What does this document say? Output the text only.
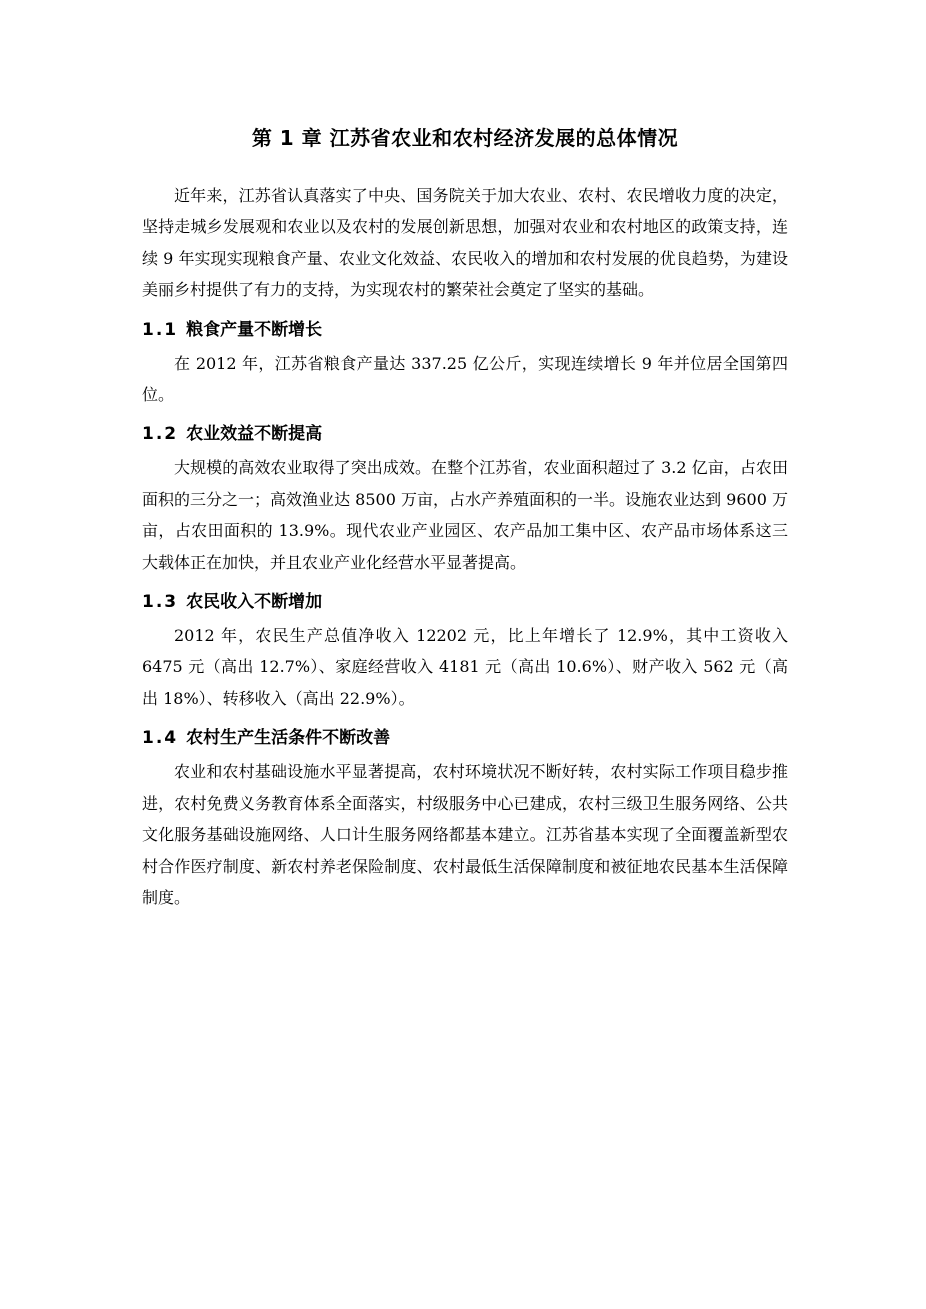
第 1 章 江苏省农业和农村经济发展的总体情况

近年来，江苏省认真落实了中央、国务院关于加大农业、农村、农民增收力度的决定，坚持走城乡发展观和农业以及农村的发展创新思想，加强对农业和农村地区的政策支持，连续 9 年实现实现粮食产量、农业文化效益、农民收入的增加和农村发展的优良趋势，为建设美丽乡村提供了有力的支持，为实现农村的繁荣社会奠定了坚实的基础。

1.1 粮食产量不断增长

在 2012 年，江苏省粮食产量达 337.25 亿公斤，实现连续增长 9 年并位居全国第四位。

1.2 农业效益不断提高

大规模的高效农业取得了突出成效。在整个江苏省，农业面积超过了 3.2 亿亩，占农田面积的三分之一；高效渔业达 8500 万亩，占水产养殖面积的一半。设施农业达到 9600 万亩，占农田面积的 13.9%。现代农业产业园区、农产品加工集中区、农产品市场体系这三大载体正在加快，并且农业产业化经营水平显著提高。

1.3 农民收入不断增加

2012 年，农民生产总值净收入 12202 元，比上年增长了 12.9%，其中工资收入 6475 元（高出 12.7%）、家庭经营收入 4181 元（高出 10.6%）、财产收入 562 元（高出 18%）、转移收入（高出 22.9%）。

1.4 农村生产生活条件不断改善

农业和农村基础设施水平显著提高，农村环境状况不断好转，农村实际工作项目稳步推进，农村免费义务教育体系全面落实，村级服务中心已建成，农村三级卫生服务网络、公共文化服务基础设施网络、人口计生服务网络都基本建立。江苏省基本实现了全面覆盖新型农村合作医疗制度、新农村养老保险制度、农村最低生活保障制度和被征地农民基本生活保障制度。
